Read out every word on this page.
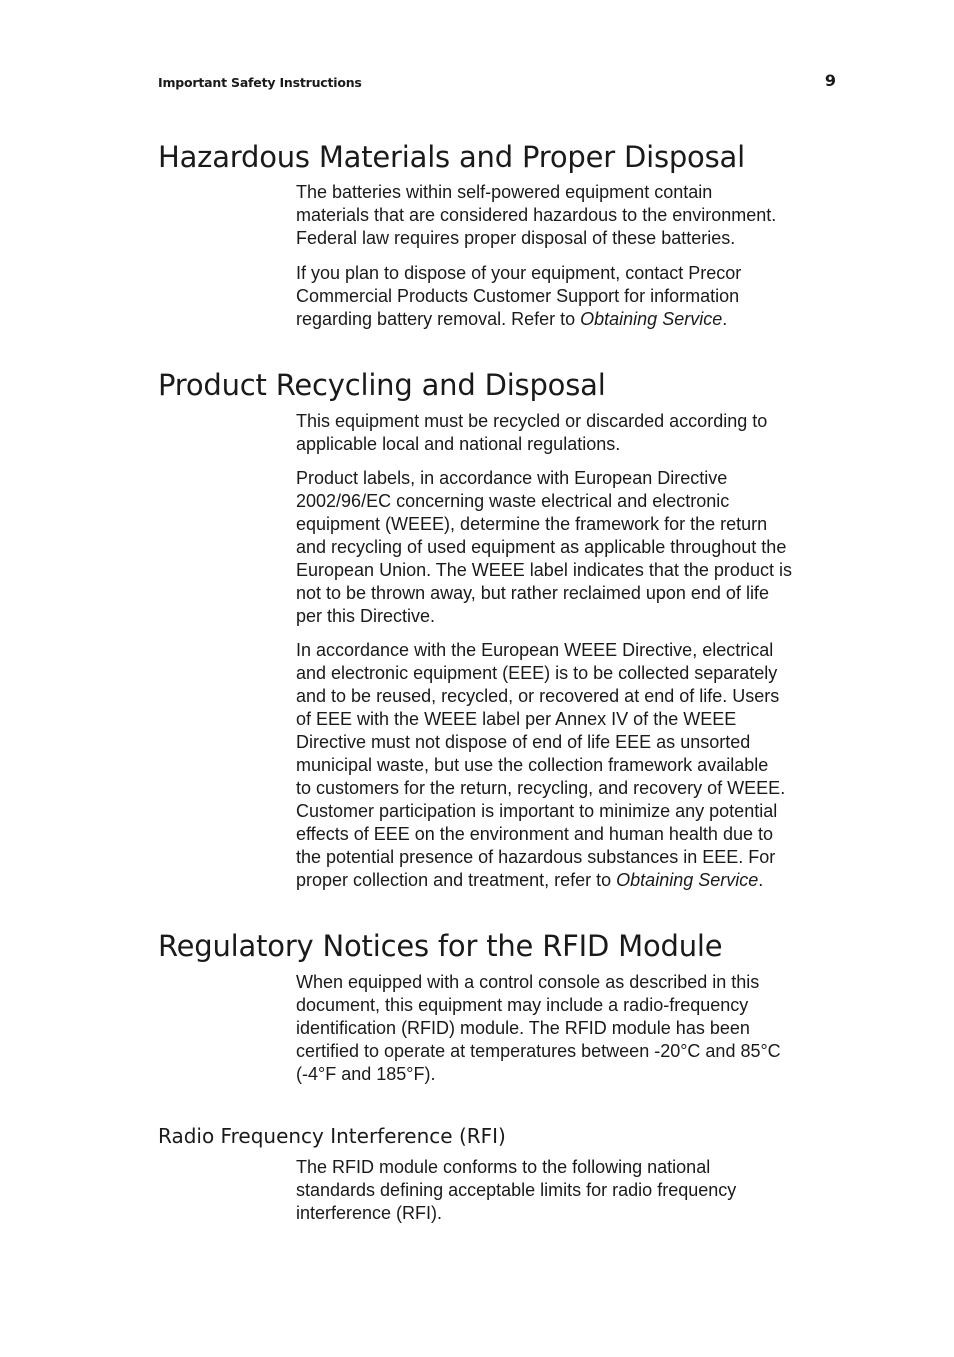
Important Safety Instructions	9
Hazardous Materials and Proper Disposal
The batteries within self-powered equipment contain
materials that are considered hazardous to the environment.
Federal law requires proper disposal of these batteries.
If you plan to dispose of your equipment, contact Precor
Commercial Products Customer Support for information
regarding battery removal. Refer to Obtaining Service.
Product Recycling and Disposal
This equipment must be recycled or discarded according to
applicable local and national regulations.
Product labels, in accordance with European Directive
2002/96/EC concerning waste electrical and electronic
equipment (WEEE), determine the framework for the return
and recycling of used equipment as applicable throughout the
European Union. The WEEE label indicates that the product is
not to be thrown away, but rather reclaimed upon end of life
per this Directive.
In accordance with the European WEEE Directive, electrical
and electronic equipment (EEE) is to be collected separately
and to be reused, recycled, or recovered at end of life. Users
of EEE with the WEEE label per Annex IV of the WEEE
Directive must not dispose of end of life EEE as unsorted
municipal waste, but use the collection framework available
to customers for the return, recycling, and recovery of WEEE.
Customer participation is important to minimize any potential
effects of EEE on the environment and human health due to
the potential presence of hazardous substances in EEE. For
proper collection and treatment, refer to Obtaining Service.
Regulatory Notices for the RFID Module
When equipped with a control console as described in this
document, this equipment may include a radio-frequency
identification (RFID) module. The RFID module has been
certified to operate at temperatures between -20°C and 85°C
(-4°F and 185°F).
Radio Frequency Interference (RFI)
The RFID module conforms to the following national
standards defining acceptable limits for radio frequency
interference (RFI).
